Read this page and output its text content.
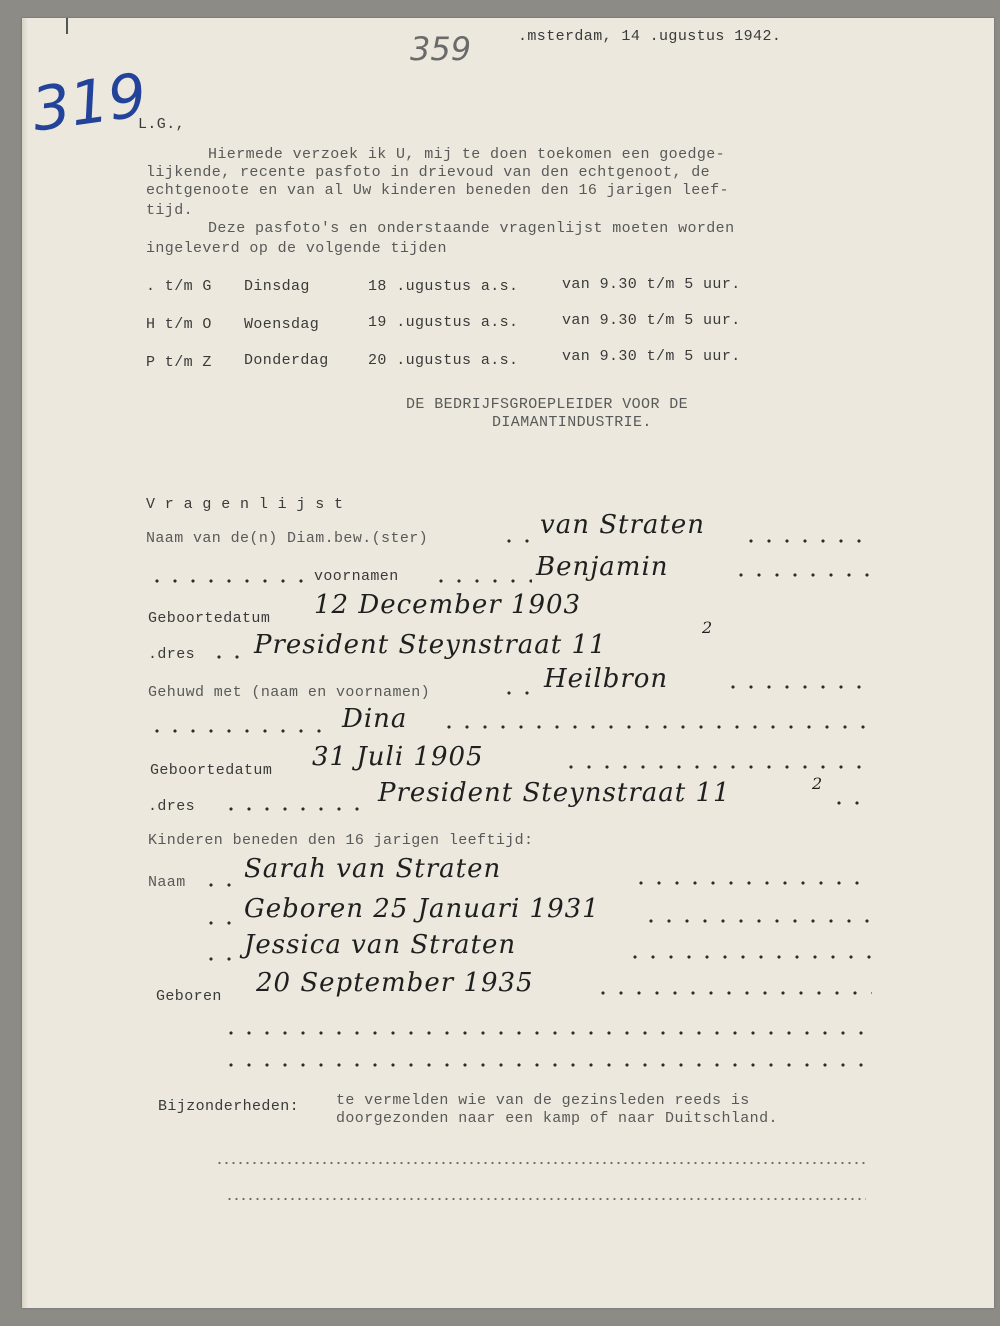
359
319
.msterdam, 14 .ugustus 1942.
L.G.,
Hiermede verzoek ik U, mij te doen toekomen een goedge-
lijkende, recente pasfoto in drievoud van den echtgenoot, de
echtgenoote en van al Uw kinderen beneden den 16 jarigen leef-
tijd.
Deze pasfoto's en onderstaande vragenlijst moeten worden
ingeleverd op de volgende tijden
. t/m G Dinsdag	18 .ugustus a.s.	van 9.30 t/m 5 uur.
H t/m O Woensdag	19 .ugustus a.s.	van 9.30 t/m 5 uur.
P t/m Z Donderdag	20 .ugustus a.s.	van 9.30 t/m 5 uur.
DE BEDRIJFSGROEPLEIDER VOOR DE
DIAMANTINDUSTRIE.
V r a g e n l i j s t
Naam van de(n) Diam.bew.(ster)	van Straten
voornamen	Benjamin
Geboortedatum 12 December 1903
.dres President Steynstraat 11
2
Gehuwd met (naam en voornamen)	Heilbron
Dina
Geboortedatum 31 Juli 1905
.dres	President Steynstraat 11	2
Kinderen beneden den 16 jarigen leeftijd:
Naam Sarah van Straten
Geboren 25 Januari 1931
Jessica van Straten
Geboren 20 September 1935
Bijzonderheden: te vermelden wie van de gezinsleden reeds is
doorgezonden naar een kamp of naar Duitschland.
